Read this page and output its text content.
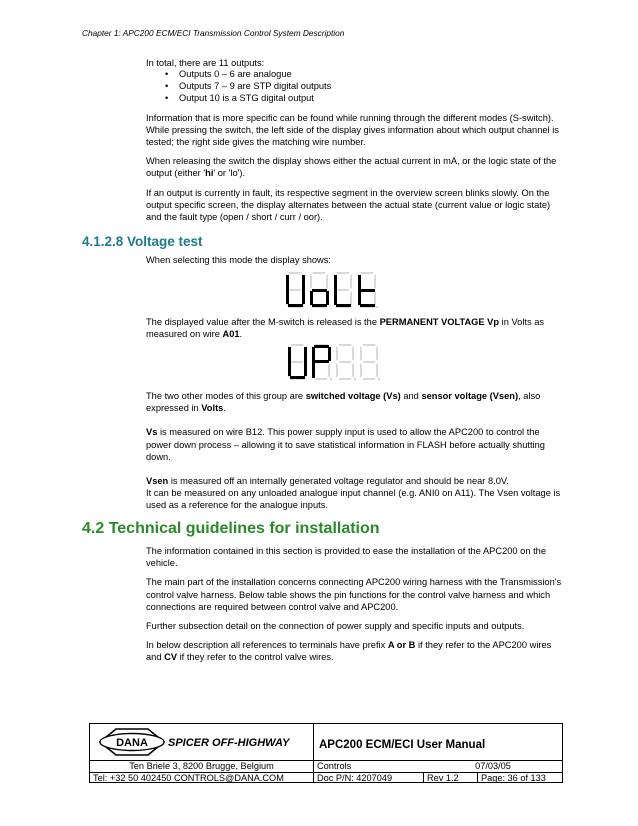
Chapter 1: APC200 ECM/ECI Transmission Control System Description

In total, there are 11 outputs:

• Outputs 0 – 6 are analogue
• Outputs 7 – 9 are STP digital outputs
• Output 10 is a STG digital output

Information that is more specific can be found while running through the different modes (S-switch).

While pressing the switch, the left side of the display gives information about which output channel is tested; the right side gives the matching wire number.

When releasing the switch the display shows either the actual current in mA, or the logic state of the output (either 'hi' or 'lo').

If an output is currently in fault, its respective segment in the overview screen blinks slowly. On the output specific screen, the display alternates between the actual state (current value or logic state) and the fault type (open / short / curr / oor).

4.1.2.8 Voltage test

When selecting this mode the display shows:

The displayed value after the M-switch is released is the PERMANENT VOLTAGE Vp in Volts as measured on wire A01.

The two other modes of this group are switched voltage (Vs) and sensor voltage (Vsen), also expressed in Volts.

Vs is measured on wire B12. This power supply input is used to allow the APC200 to control the power down process – allowing it to save statistical information in FLASH before actually shutting down.

Vsen is measured off an internally generated voltage regulator and should be near 8.0V.

It can be measured on any unloaded analogue input channel (e.g. ANI0 on A11). The Vsen voltage is used as a reference for the analogue inputs.

4.2 Technical guidelines for installation

The information contained in this section is provided to ease the installation of the APC200 on the vehicle.

The main part of the installation concerns connecting APC200 wiring harness with the Transmission's control valve harness. Below table shows the pin functions for the control valve harness and which connections are required between control valve and APC200.

Further subsection detail on the connection of power supply and specific inputs and outputs.

In below description all references to terminals have prefix A or B if they refer to the APC200 wires and CV if they refer to the control valve wires.

DANA SPICER OFF-HIGHWAY	APC200 ECM/ECI User Manual
Ten Briele 3, 8200 Brugge, Belgium	Controls	07/03/05
Tel: +32 50 402450 CONTROLS@DANA.COM	Doc P/N: 4207049	Rev 1.2	Page: 36 of 133
